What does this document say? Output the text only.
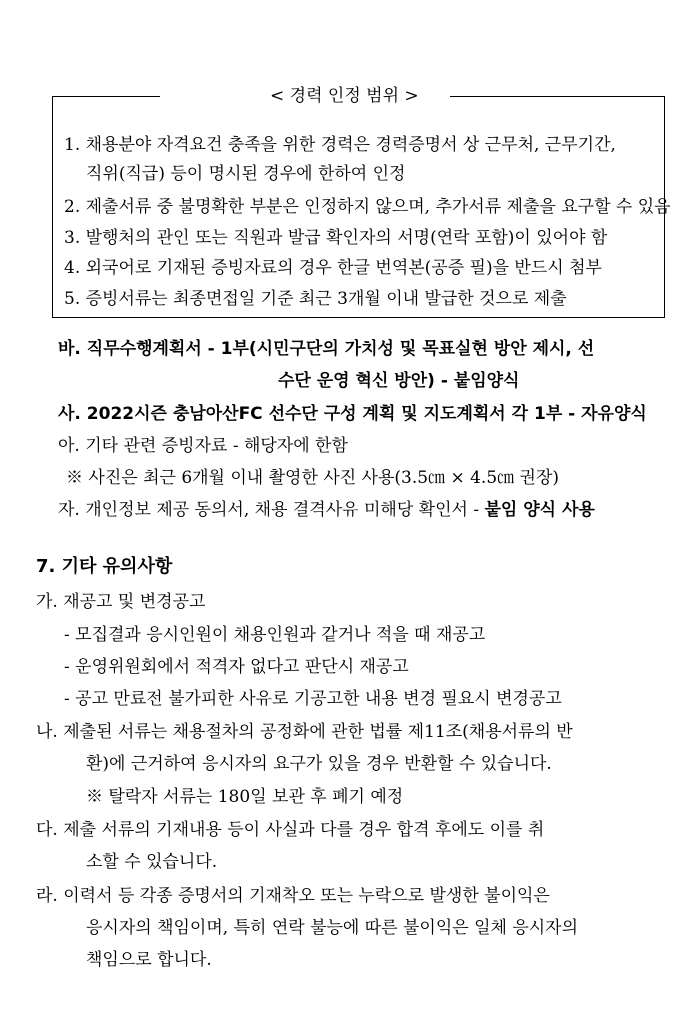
< 경력 인정 범위 >
1. 채용분야 자격요건 충족을 위한 경력은 경력증명서 상 근무처, 근무기간,
직위(직급) 등이 명시된 경우에 한하여 인정
2. 제출서류 중 불명확한 부분은 인정하지 않으며, 추가서류 제출을 요구할 수 있음
3. 발행처의 관인 또는 직원과 발급 확인자의 서명(연락 포함)이 있어야 함
4. 외국어로 기재된 증빙자료의 경우 한글 번역본(공증 필)을 반드시 첨부
5. 증빙서류는 최종면접일 기준 최근 3개월 이내 발급한 것으로 제출
바. 직무수행계획서 - 1부(시민구단의 가치성 및 목표실현 방안 제시, 선
수단 운영 혁신 방안) - 붙임양식
사. 2022시즌 충남아산FC 선수단 구성 계획 및 지도계획서 각 1부 - 자유양식
아. 기타 관련 증빙자료 - 해당자에 한함
※ 사진은 최근 6개월 이내 촬영한 사진 사용(3.5㎝ × 4.5㎝ 권장)
자. 개인정보 제공 동의서, 채용 결격사유 미해당 확인서 - 붙임 양식 사용
7. 기타 유의사항
가. 재공고 및 변경공고
- 모집결과 응시인원이 채용인원과 같거나 적을 때 재공고
- 운영위원회에서 적격자 없다고 판단시 재공고
- 공고 만료전 불가피한 사유로 기공고한 내용 변경 필요시 변경공고
나. 제출된 서류는 채용절차의 공정화에 관한 법률 제11조(채용서류의 반
환)에 근거하여 응시자의 요구가 있을 경우 반환할 수 있습니다.
※ 탈락자 서류는 180일 보관 후 폐기 예정
다. 제출 서류의 기재내용 등이 사실과 다를 경우 합격 후에도 이를 취
소할 수 있습니다.
라. 이력서 등 각종 증명서의 기재착오 또는 누락으로 발생한 불이익은
응시자의 책임이며, 특히 연락 불능에 따른 불이익은 일체 응시자의
책임으로 합니다.
